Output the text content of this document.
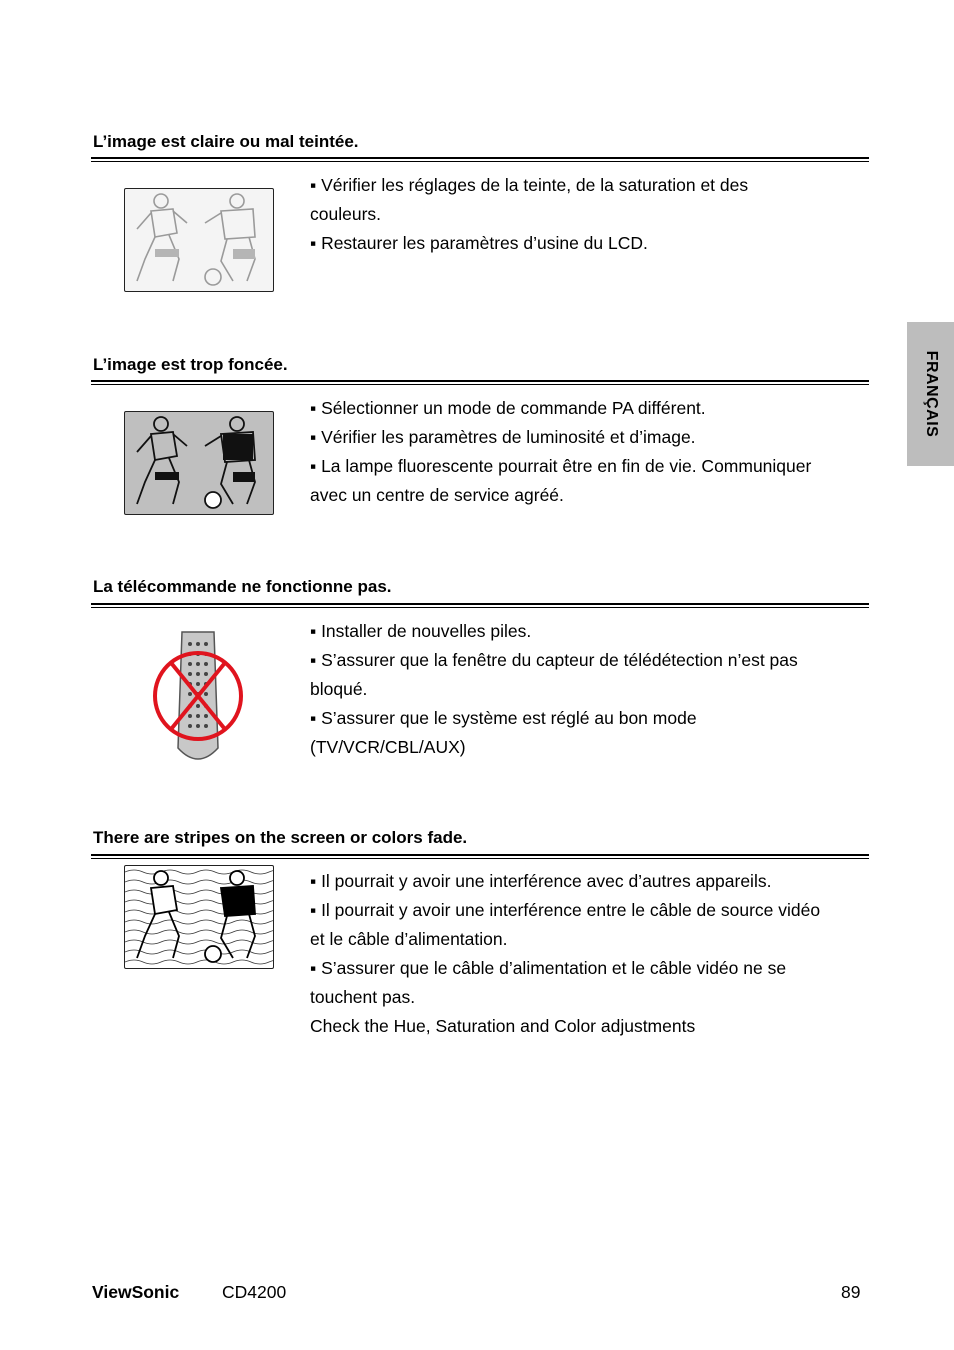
FRANÇAIS
L’image est claire ou mal teintée.
▪ Vérifier les réglages de la teinte, de la saturation et des
couleurs.
▪ Restaurer les paramètres d’usine du LCD.
L’image est trop foncée.
▪ Sélectionner un mode de commande PA différent.
▪ Vérifier les paramètres de luminosité et d’image.
▪ La lampe fluorescente pourrait être en fin de vie. Communiquer
avec un centre de service agréé.
La télécommande ne fonctionne pas.
▪ Installer de nouvelles piles.
▪ S’assurer que la fenêtre du capteur de télédétection n’est pas
bloqué.
▪ S’assurer que le système est réglé au bon mode
(TV/VCR/CBL/AUX)
There are stripes on the screen or colors fade.
▪ Il pourrait y avoir une interférence avec d’autres appareils.
▪ Il pourrait y avoir une interférence entre le câble de source vidéo
et le câble d’alimentation.
▪ S’assurer que le câble d’alimentation et le câble vidéo ne se
touchent pas.
Check the Hue, Saturation and Color adjustments
ViewSonic CD4200	89
